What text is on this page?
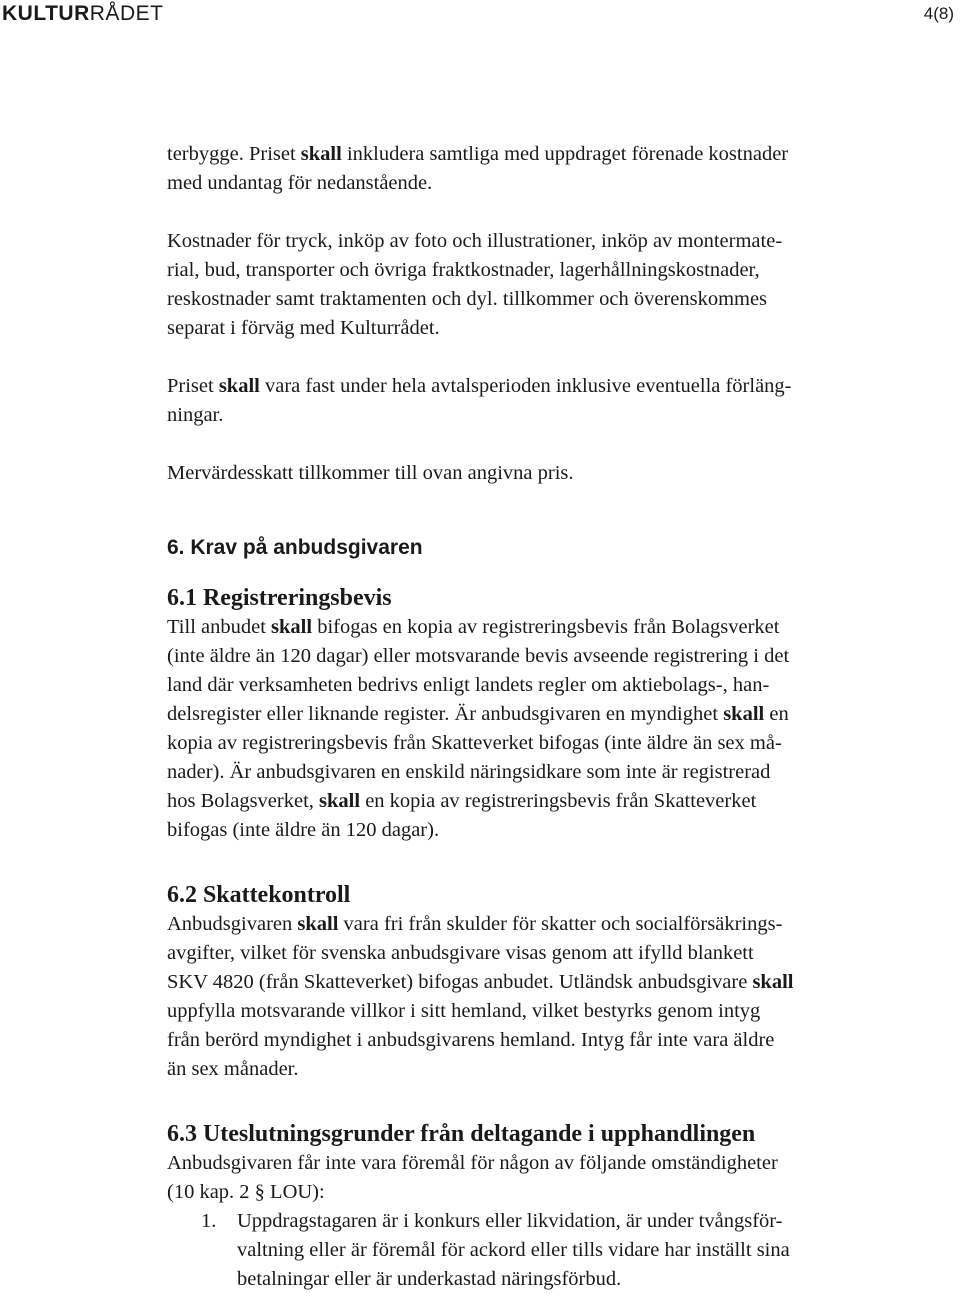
KULTURRÅDET	4(8)

terbygge. Priset skall inkludera samtliga med uppdraget förenade kostnader
med undantag för nedanstående.

Kostnader för tryck, inköp av foto och illustrationer, inköp av montermate-
rial, bud, transporter och övriga fraktkostnader, lagerhållningskostnader,
reskostnader samt traktamenten och dyl. tillkommer och överenskommes
separat i förväg med Kulturrådet.

Priset skall vara fast under hela avtalsperioden inklusive eventuella förläng-
ningar.

Mervärdesskatt tillkommer till ovan angivna pris.

6. Krav på anbudsgivaren
6.1 Registreringsbevis

Till anbudet skall bifogas en kopia av registreringsbevis från Bolagsverket
(inte äldre än 120 dagar) eller motsvarande bevis avseende registrering i det
land där verksamheten bedrivs enligt landets regler om aktiebolags-, han-
delsregister eller liknande register. Är anbudsgivaren en myndighet skall en
kopia av registreringsbevis från Skatteverket bifogas (inte äldre än sex må-
nader). Är anbudsgivaren en enskild näringsidkare som inte är registrerad
hos Bolagsverket, skall en kopia av registreringsbevis från Skatteverket
bifogas (inte äldre än 120 dagar).

6.2 Skattekontroll

Anbudsgivaren skall vara fri från skulder för skatter och socialförsäkrings-
avgifter, vilket för svenska anbudsgivare visas genom att ifylld blankett
SKV 4820 (från Skatteverket) bifogas anbudet. Utländsk anbudsgivare skall
uppfylla motsvarande villkor i sitt hemland, vilket bestyrks genom intyg
från berörd myndighet i anbudsgivarens hemland. Intyg får inte vara äldre
än sex månader.

6.3 Uteslutningsgrunder från deltagande i upphandlingen

Anbudsgivaren får inte vara föremål för någon av följande omständigheter
(10 kap. 2 § LOU):

1.	Uppdragstagaren är i konkurs eller likvidation, är under tvångsför-
valtning eller är föremål för ackord eller tills vidare har inställt sina
betalningar eller är underkastad näringsförbud.
